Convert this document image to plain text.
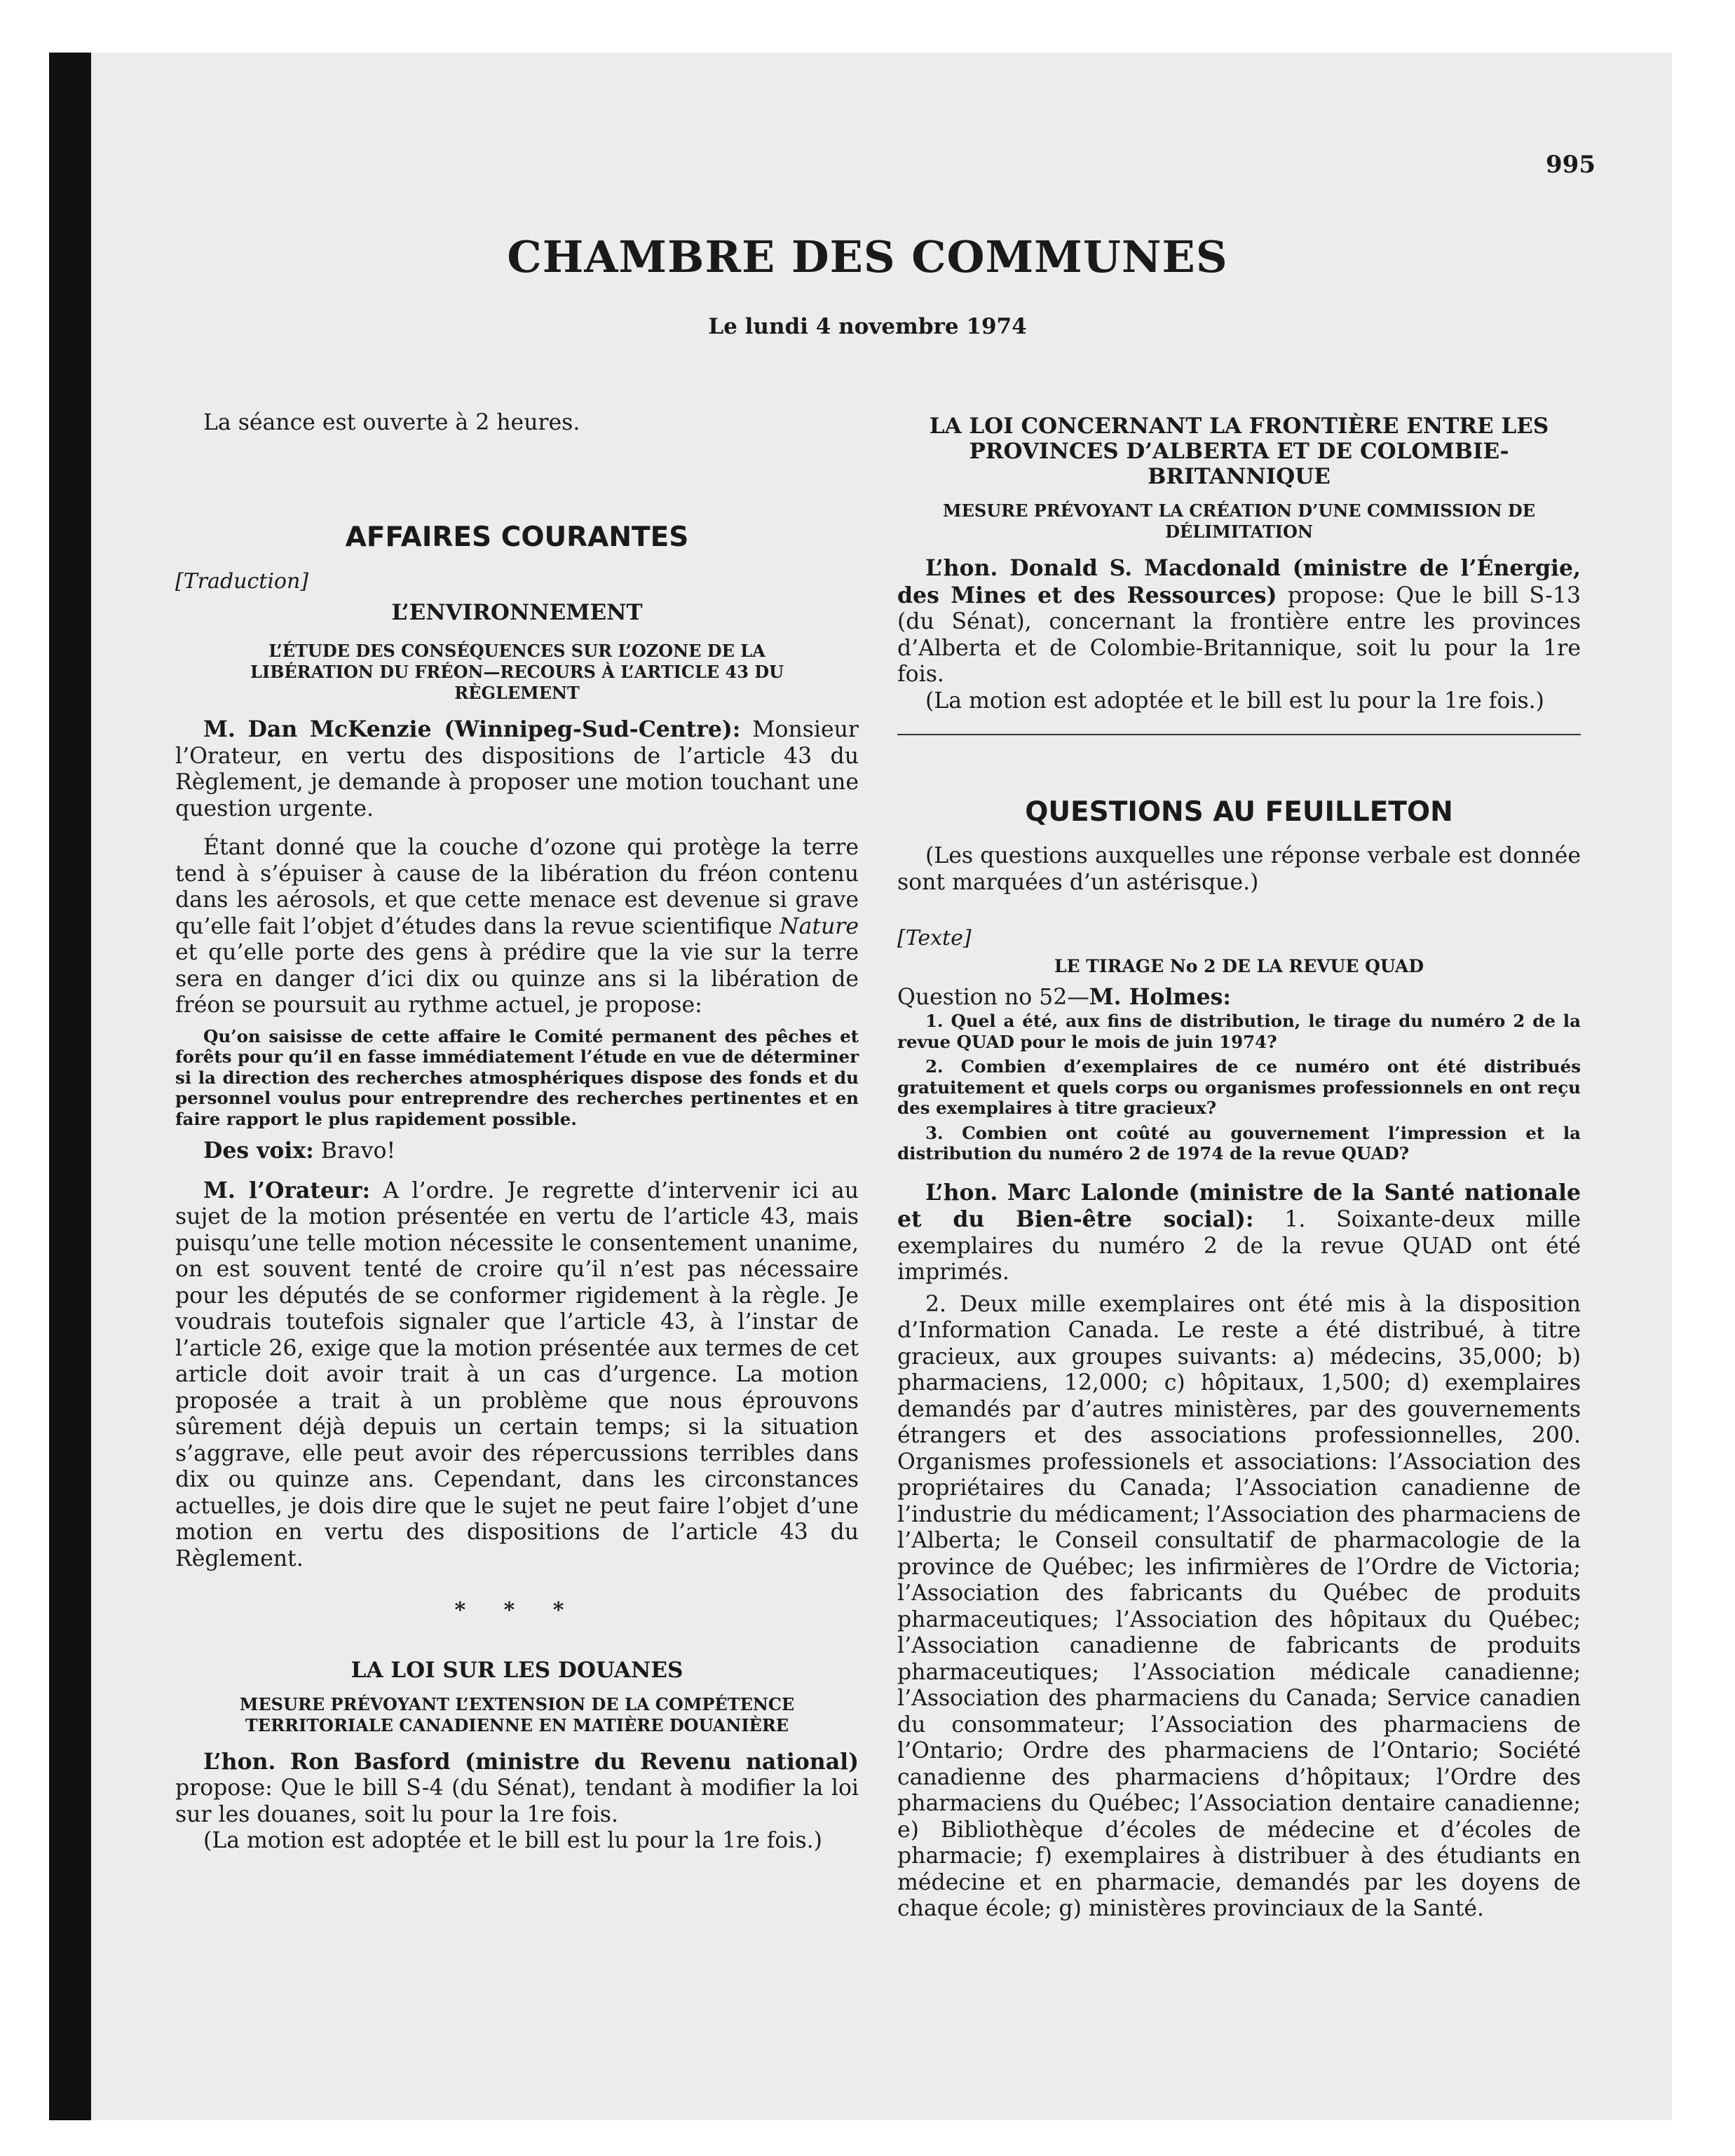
995
CHAMBRE DES COMMUNES
Le lundi 4 novembre 1974

La séance est ouverte à 2 heures.

AFFAIRES COURANTES

[Traduction]

L’ENVIRONNEMENT
L’ÉTUDE DES CONSÉQUENCES SUR L’OZONE DE LA LIBÉRATION DU FRÉON—RECOURS À L’ARTICLE 43 DU RÈGLEMENT

M. Dan McKenzie (Winnipeg-Sud-Centre): Monsieur l’Orateur, en vertu des dispositions de l’article 43 du Règlement, je demande à proposer une motion touchant une question urgente.

Étant donné que la couche d’ozone qui protège la terre tend à s’épuiser à cause de la libération du fréon contenu dans les aérosols, et que cette menace est devenue si grave qu’elle fait l’objet d’études dans la revue scientifique Nature et qu’elle porte des gens à prédire que la vie sur la terre sera en danger d’ici dix ou quinze ans si la libération de fréon se poursuit au rythme actuel, je propose:

Qu’on saisisse de cette affaire le Comité permanent des pêches et forêts pour qu’il en fasse immédiatement l’étude en vue de déterminer si la direction des recherches atmosphériques dispose des fonds et du personnel voulus pour entreprendre des recherches pertinentes et en faire rapport le plus rapidement possible.

Des voix: Bravo!

M. l’Orateur: A l’ordre. Je regrette d’intervenir ici au sujet de la motion présentée en vertu de l’article 43, mais puisqu’une telle motion nécessite le consentement unanime, on est souvent tenté de croire qu’il n’est pas nécessaire pour les députés de se conformer rigidement à la règle. Je voudrais toutefois signaler que l’article 43, à l’instar de l’article 26, exige que la motion présentée aux termes de cet article doit avoir trait à un cas d’urgence. La motion proposée a trait à un problème que nous éprouvons sûrement déjà depuis un certain temps; si la situation s’aggrave, elle peut avoir des répercussions terribles dans dix ou quinze ans. Cependant, dans les circonstances actuelles, je dois dire que le sujet ne peut faire l’objet d’une motion en vertu des dispositions de l’article 43 du Règlement.

* * *
LA LOI SUR LES DOUANES
MESURE PRÉVOYANT L’EXTENSION DE LA COMPÉTENCE TERRITORIALE CANADIENNE EN MATIÈRE DOUANIÈRE

L’hon. Ron Basford (ministre du Revenu national) propose: Que le bill S-4 (du Sénat), tendant à modifier la loi sur les douanes, soit lu pour la 1re fois.

(La motion est adoptée et le bill est lu pour la 1re fois.)

LA LOI CONCERNANT LA FRONTIÈRE ENTRE LES PROVINCES D’ALBERTA ET DE COLOMBIE-BRITANNIQUE
MESURE PRÉVOYANT LA CRÉATION D’UNE COMMISSION DE DÉLIMITATION

L’hon. Donald S. Macdonald (ministre de l’Énergie, des Mines et des Ressources) propose: Que le bill S-13 (du Sénat), concernant la frontière entre les provinces d’Alberta et de Colombie-Britannique, soit lu pour la 1re fois.

(La motion est adoptée et le bill est lu pour la 1re fois.)

QUESTIONS AU FEUILLETON

(Les questions auxquelles une réponse verbale est donnée sont marquées d’un astérisque.)

[Texte]

LE TIRAGE No 2 DE LA REVUE QUAD

Question no 52—M. Holmes:

1. Quel a été, aux fins de distribution, le tirage du numéro 2 de la revue QUAD pour le mois de juin 1974?

2. Combien d’exemplaires de ce numéro ont été distribués gratuitement et quels corps ou organismes professionnels en ont reçu des exemplaires à titre gracieux?

3. Combien ont coûté au gouvernement l’impression et la distribution du numéro 2 de 1974 de la revue QUAD?

L’hon. Marc Lalonde (ministre de la Santé nationale et du Bien-être social): 1. Soixante-deux mille exemplaires du numéro 2 de la revue QUAD ont été imprimés.

2. Deux mille exemplaires ont été mis à la disposition d’Information Canada. Le reste a été distribué, à titre gracieux, aux groupes suivants: a) médecins, 35,000; b) pharmaciens, 12,000; c) hôpitaux, 1,500; d) exemplaires demandés par d’autres ministères, par des gouvernements étrangers et des associations professionnelles, 200. Organismes professionels et associations: l’Association des propriétaires du Canada; l’Association canadienne de l’industrie du médicament; l’Association des pharmaciens de l’Alberta; le Conseil consultatif de pharmacologie de la province de Québec; les infirmières de l’Ordre de Victoria; l’Association des fabricants du Québec de produits pharmaceutiques; l’Association des hôpitaux du Québec; l’Association canadienne de fabricants de produits pharmaceutiques; l’Association médicale canadienne; l’Association des pharmaciens du Canada; Service canadien du consommateur; l’Association des pharmaciens de l’Ontario; Ordre des pharmaciens de l’Ontario; Société canadienne des pharmaciens d’hôpitaux; l’Ordre des pharmaciens du Québec; l’Association dentaire canadienne; e) Bibliothèque d’écoles de médecine et d’écoles de pharmacie; f) exemplaires à distribuer à des étudiants en médecine et en pharmacie, demandés par les doyens de chaque école; g) ministères provinciaux de la Santé.
